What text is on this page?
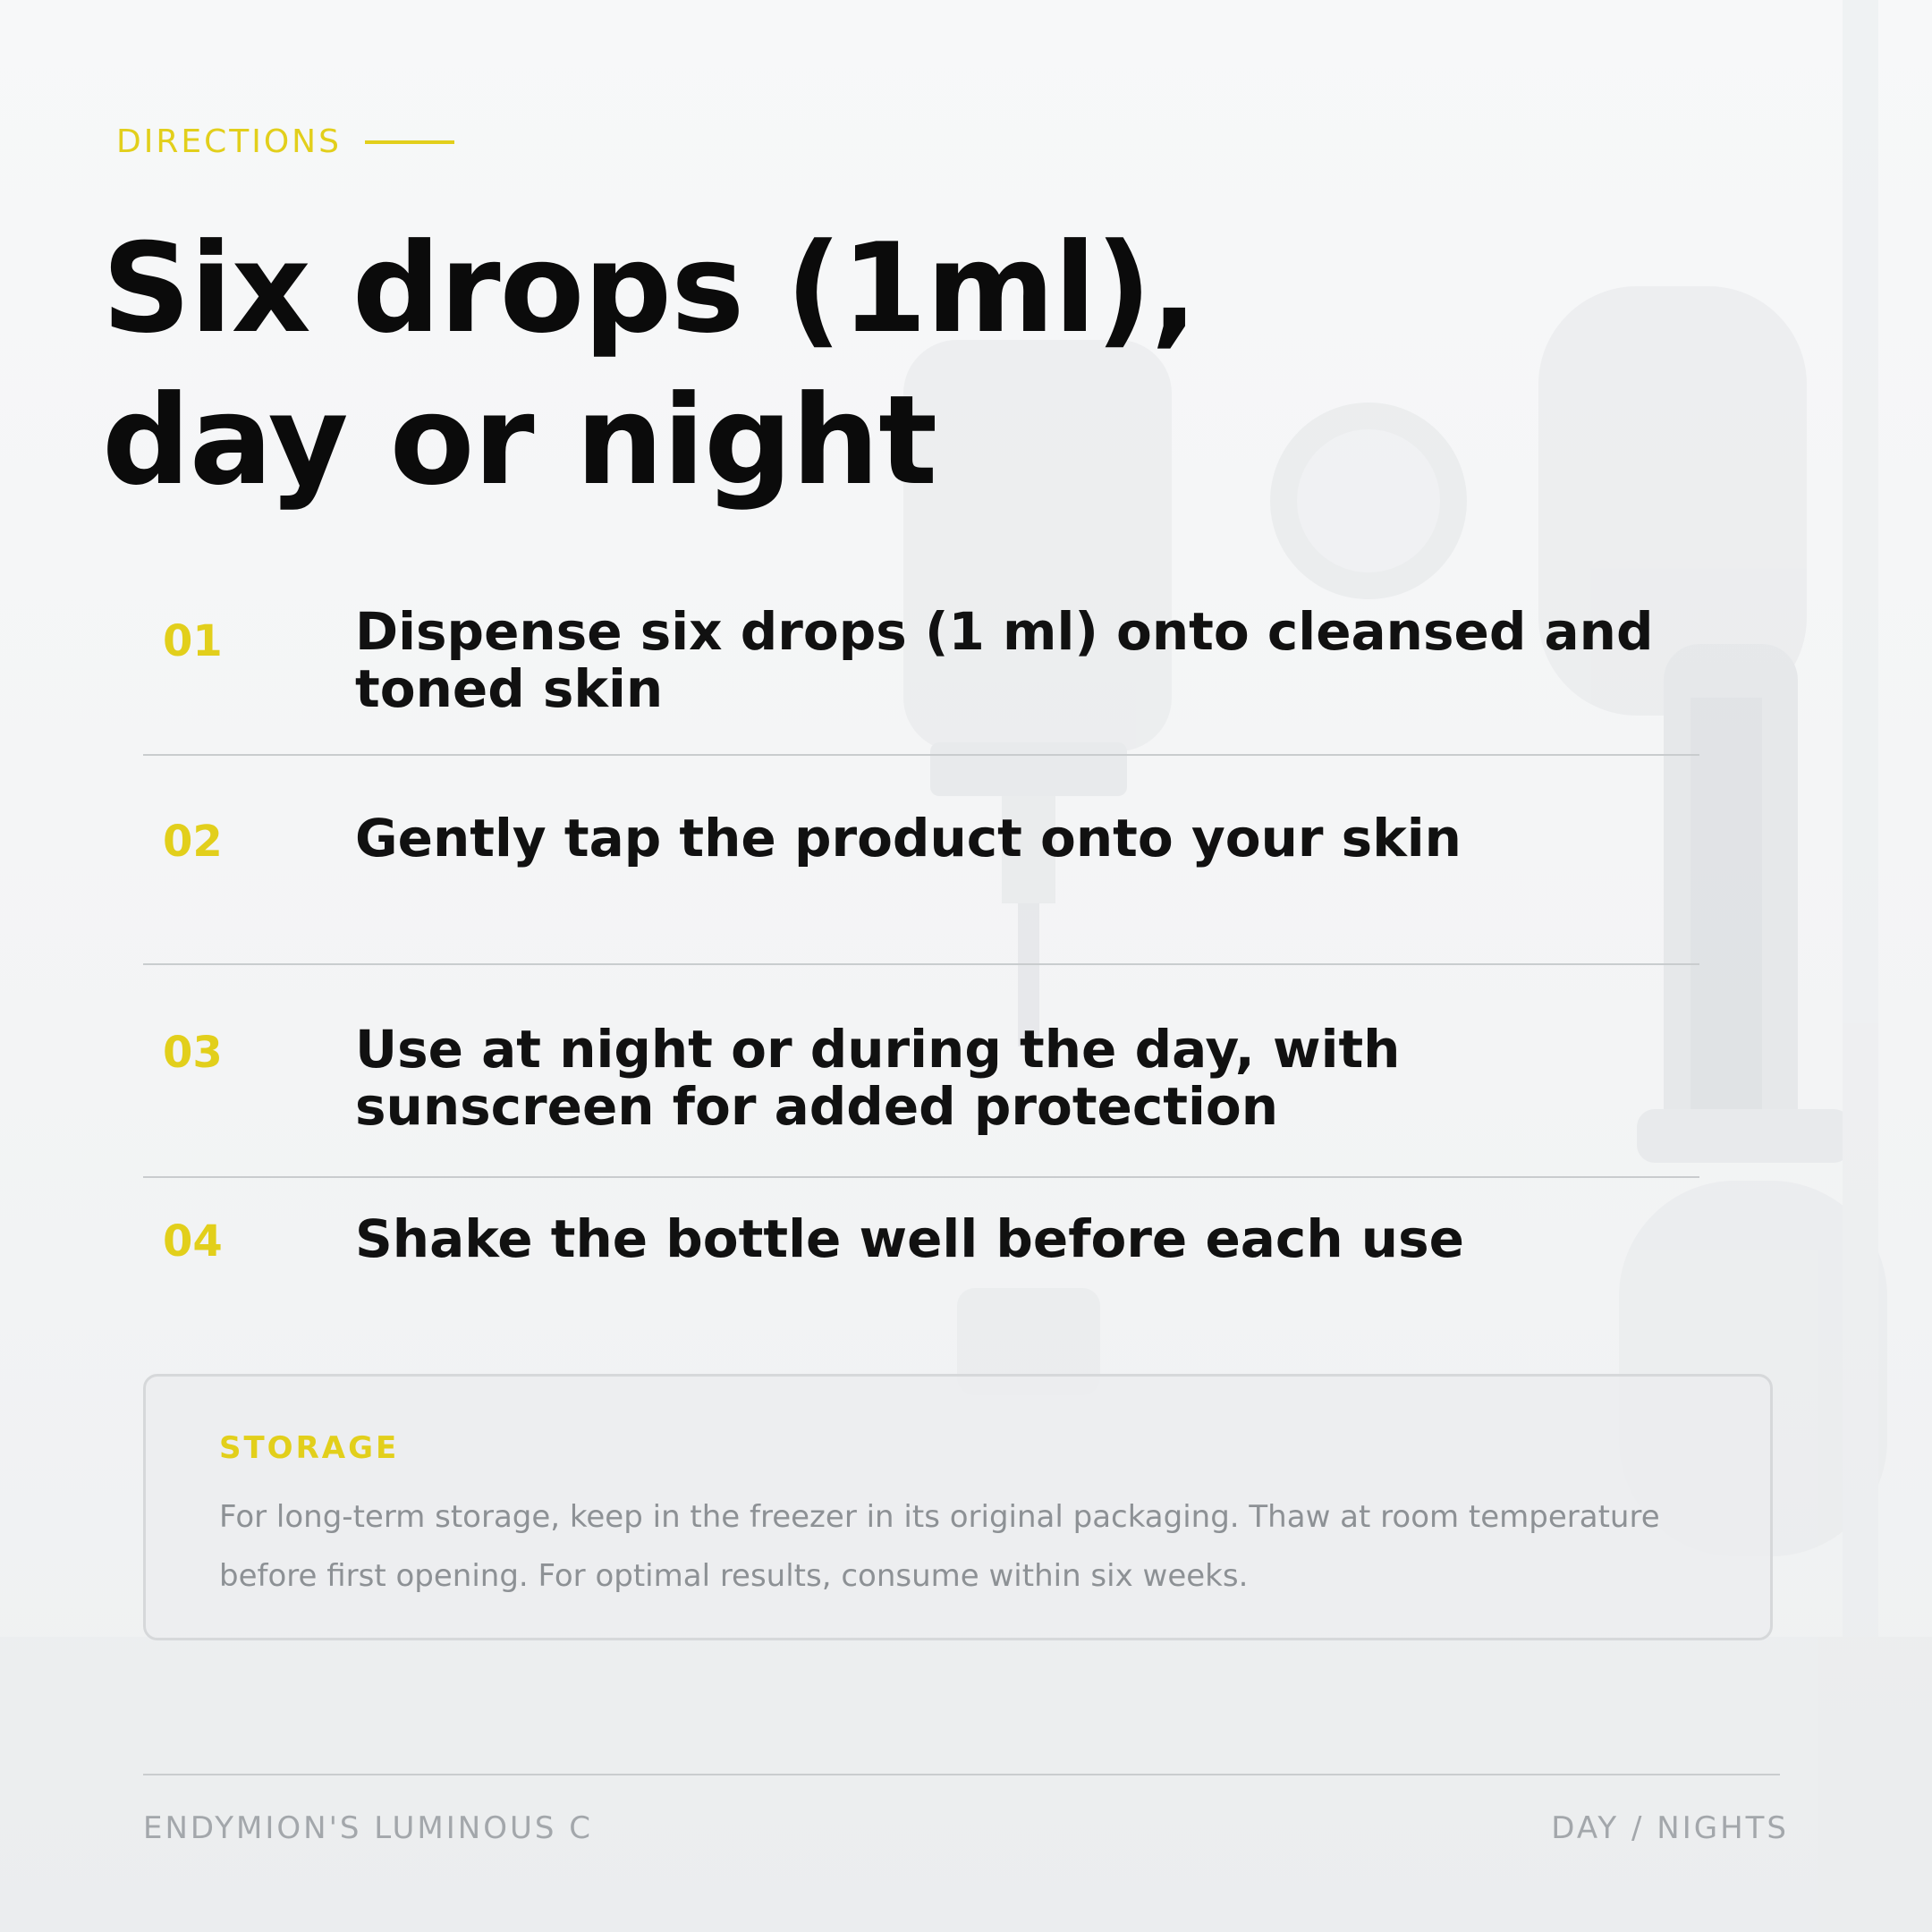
DIRECTIONS
Six drops (1ml),
day or night
01	Dispense six drops (1 ml) onto cleansed and toned skin
02	Gently tap the product onto your skin
03	Use at night or during the day, with sunscreen for added protection
04	Shake the bottle well before each use
STORAGE
For long-term storage, keep in the freezer in its original packaging. Thaw at room temperature before first opening. For optimal results, consume within six weeks.
ENDYMION'S LUMINOUS C	DAY / NIGHTS
